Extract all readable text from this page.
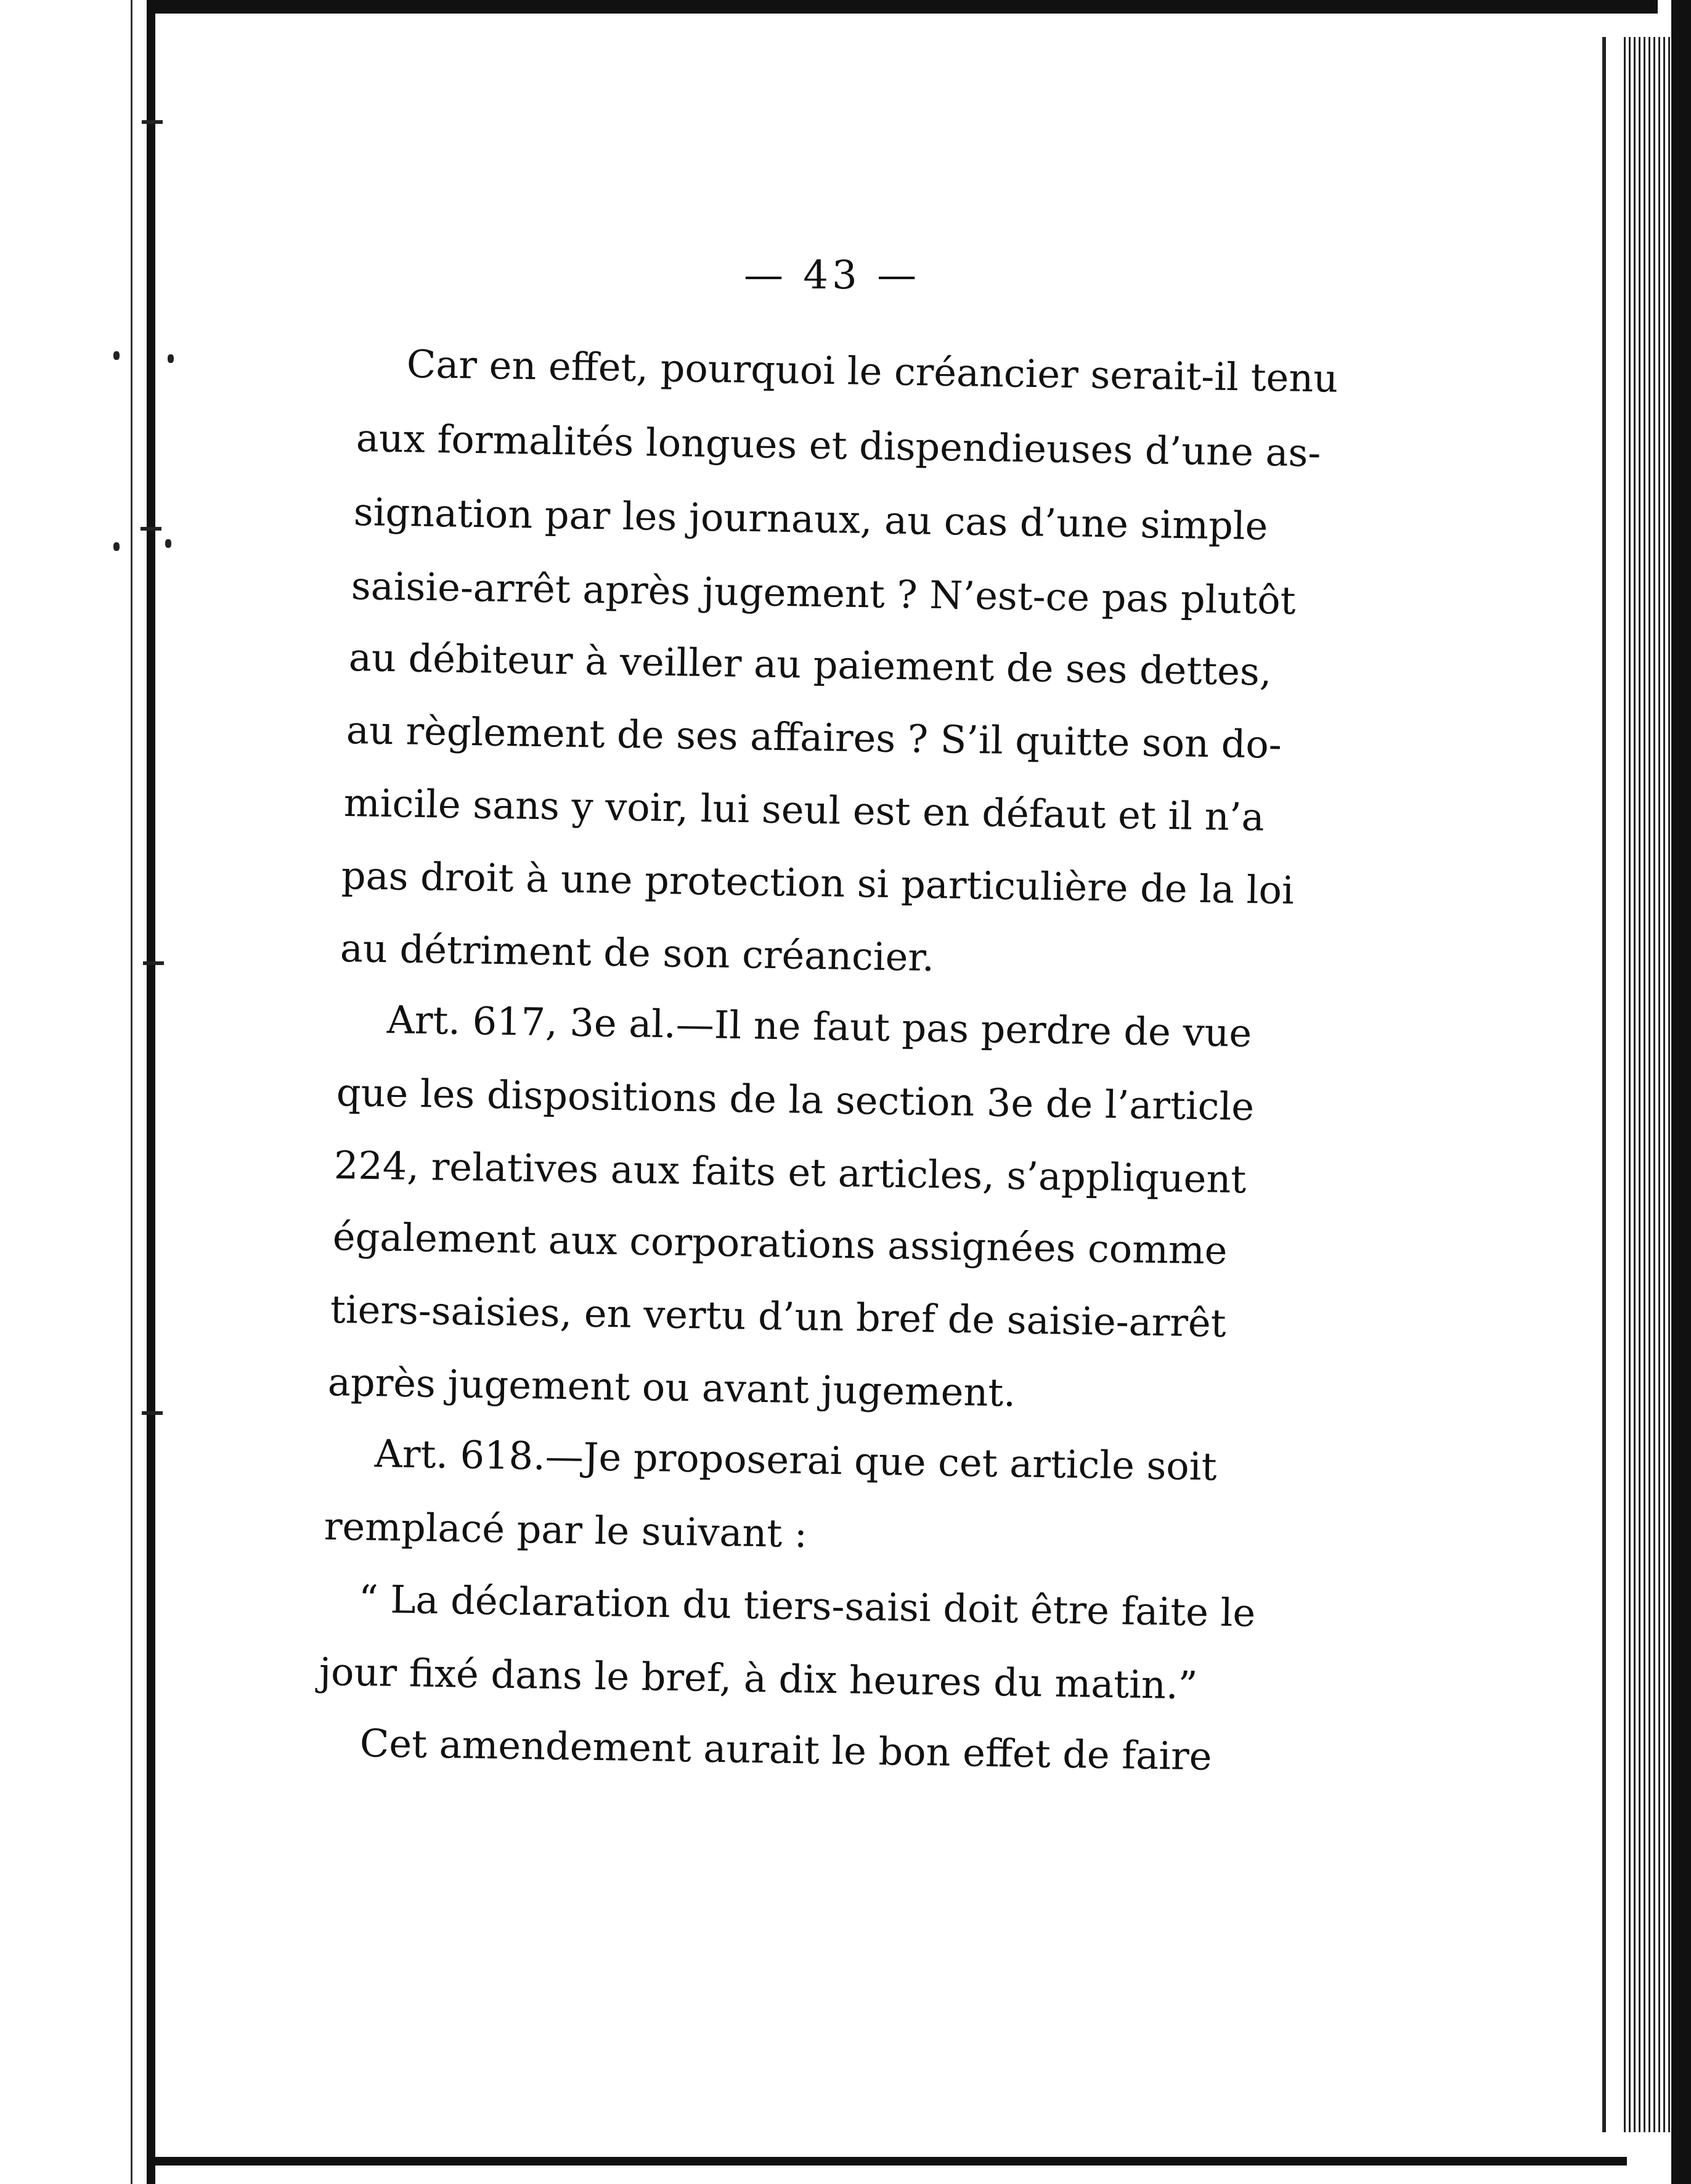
— 43 —
Car en effet, pourquoi le créancier serait-il tenu
aux formalités longues et dispendieuses d’une as-
signation par les journaux, au cas d’une simple
saisie-arrêt après jugement ? N’est-ce pas plutôt
au débiteur à veiller au paiement de ses dettes,
au règlement de ses affaires ? S’il quitte son do-
micile sans y voir, lui seul est en défaut et il n’a
pas droit à une protection si particulière de la loi
au détriment de son créancier.
Art. 617, 3e al.—Il ne faut pas perdre de vue
que les dispositions de la section 3e de l’article
224, relatives aux faits et articles, s’appliquent
également aux corporations assignées comme
tiers-saisies, en vertu d’un bref de saisie-arrêt
après jugement ou avant jugement.
Art. 618.—Je proposerai que cet article soit
remplacé par le suivant :
“ La déclaration du tiers-saisi doit être faite le
jour fixé dans le bref, à dix heures du matin.”
Cet amendement aurait le bon effet de faire
